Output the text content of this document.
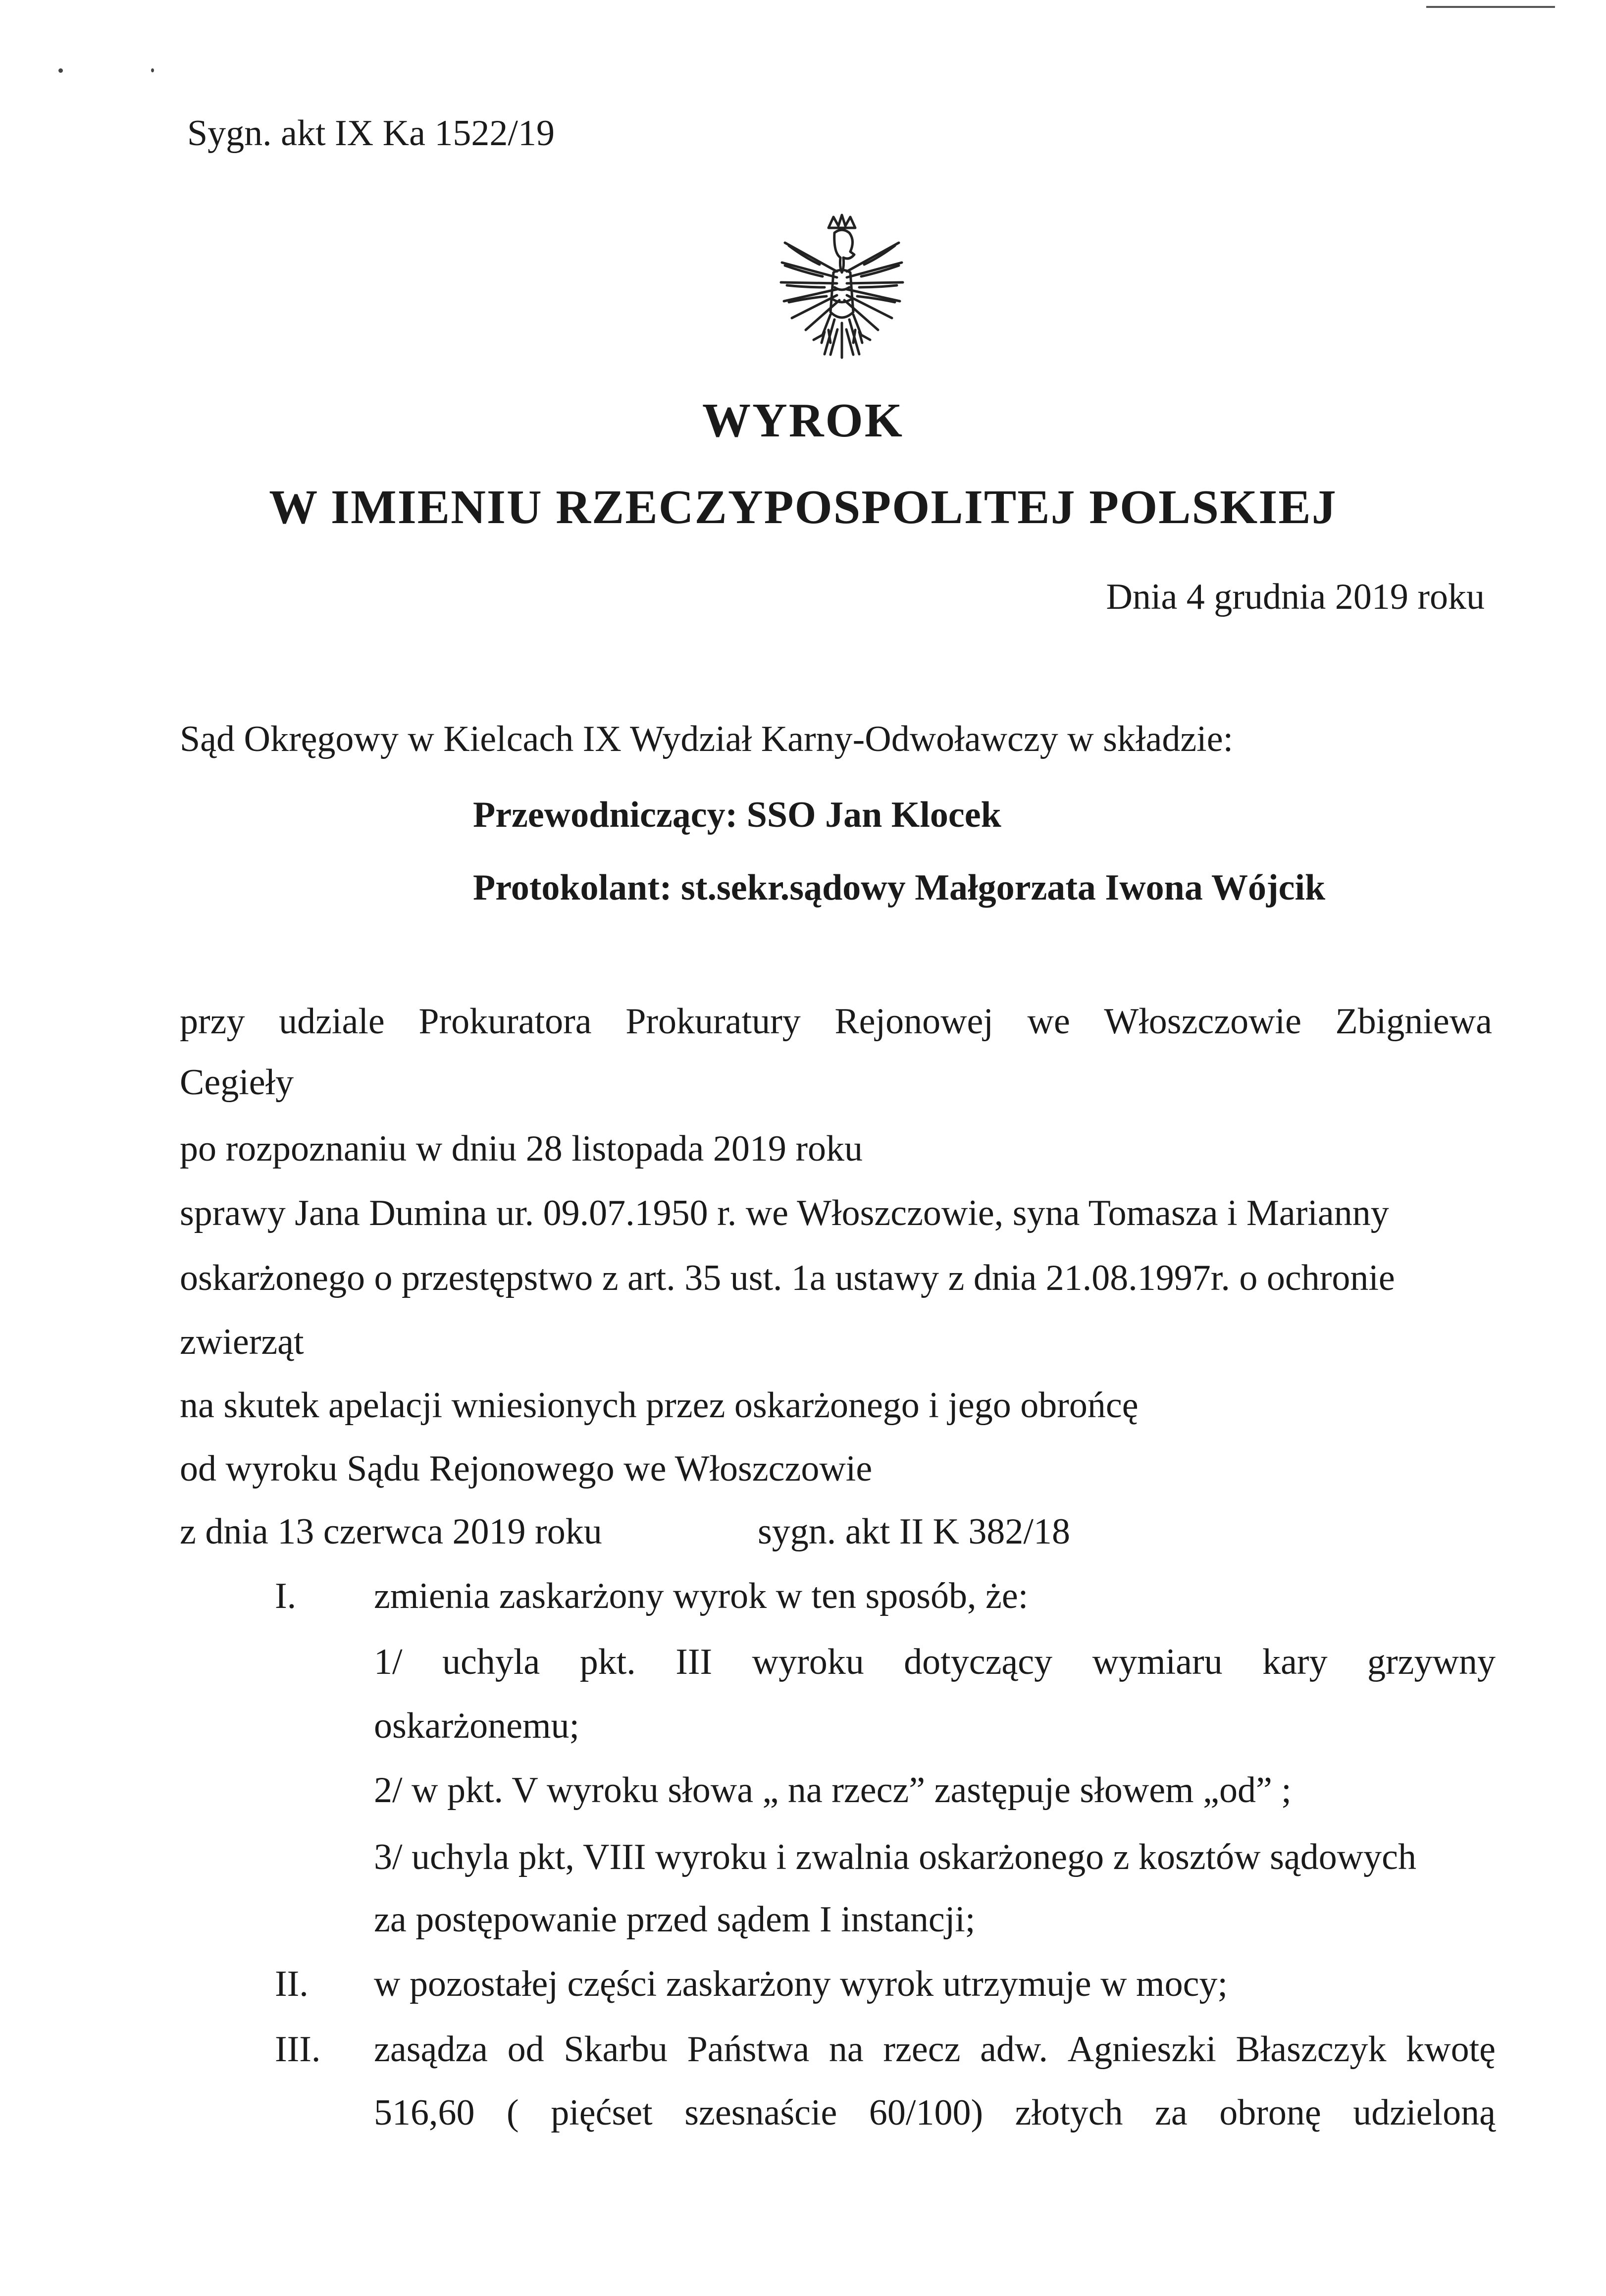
Sygn. akt IX Ka 1522/19
WYROK
W IMIENIU RZECZYPOSPOLITEJ POLSKIEJ
Dnia 4 grudnia 2019 roku
Sąd Okręgowy w Kielcach IX Wydział Karny-Odwoławczy w składzie:
Przewodniczący: SSO Jan Klocek
Protokolant: st.sekr.sądowy Małgorzata Iwona Wójcik
przy udziale Prokuratora Prokuratury Rejonowej we Włoszczowie Zbigniewa
Cegieły
po rozpoznaniu w dniu 28 listopada 2019 roku
sprawy Jana Dumina ur. 09.07.1950 r. we Włoszczowie, syna Tomasza i Marianny
oskarżonego o przestępstwo z art. 35 ust. 1a ustawy z dnia 21.08.1997r. o ochronie
zwierząt
na skutek apelacji wniesionych przez oskarżonego i jego obrońcę
od wyroku Sądu Rejonowego we Włoszczowie
z dnia 13 czerwca 2019 roku	sygn. akt II K 382/18
I. zmienia zaskarżony wyrok w ten sposób, że:
1/ uchyla pkt. III wyroku dotyczący wymiaru kary grzywny
oskarżonemu;
2/ w pkt. V wyroku słowa „ na rzecz” zastępuje słowem „od” ;
3/ uchyla pkt, VIII wyroku i zwalnia oskarżonego z kosztów sądowych
za postępowanie przed sądem I instancji;
II. w pozostałej części zaskarżony wyrok utrzymuje w mocy;
III. zasądza od Skarbu Państwa na rzecz adw. Agnieszki Błaszczyk kwotę
516,60 ( pięćset szesnaście 60/100) złotych za obronę udzieloną
